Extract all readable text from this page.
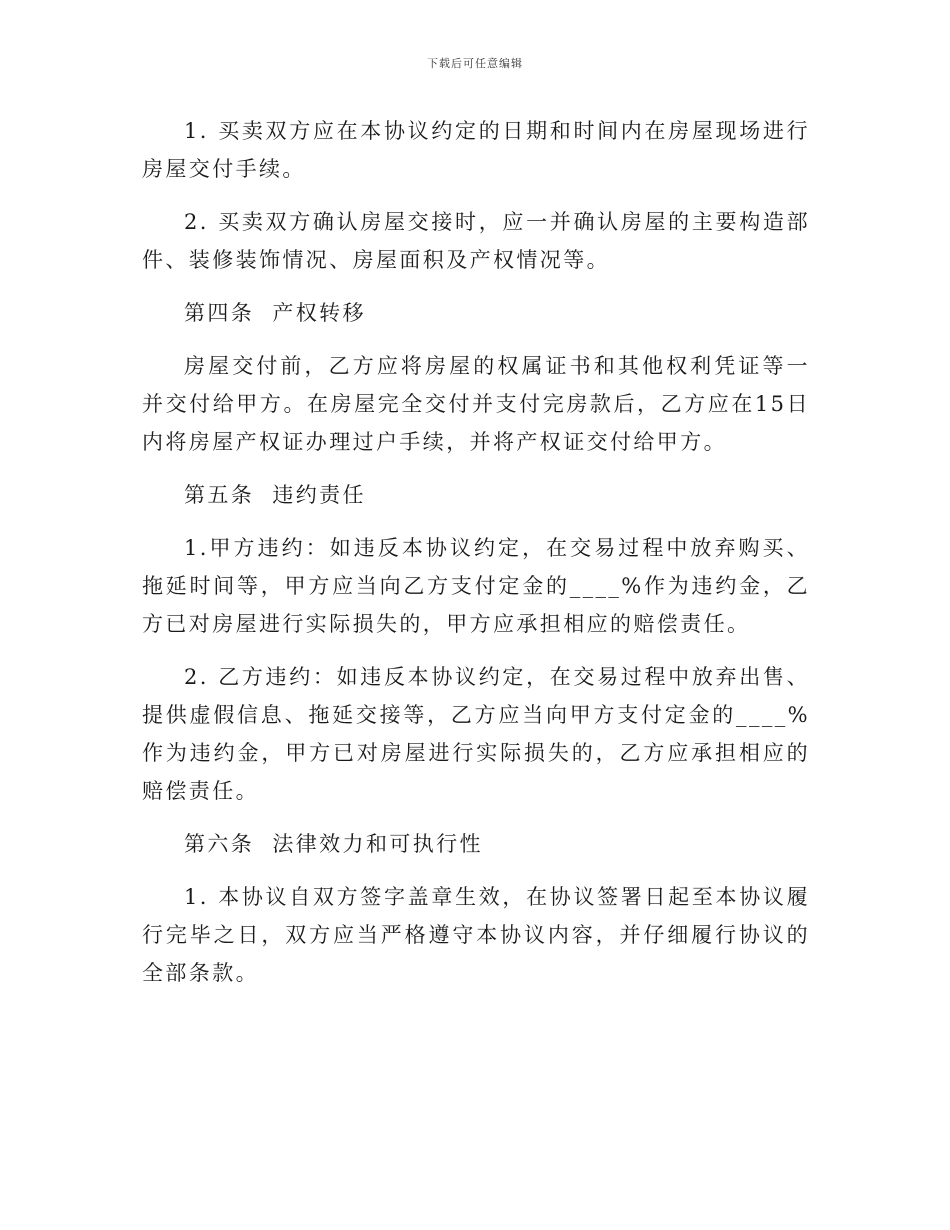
下载后可任意编辑

1. 买卖双方应在本协议约定的日期和时间内在房屋现场进行房屋交付手续。

2. 买卖双方确认房屋交接时，应一并确认房屋的主要构造部件、装修装饰情况、房屋面积及产权情况等。

第四条  产权转移

房屋交付前，乙方应将房屋的权属证书和其他权利凭证等一并交付给甲方。在房屋完全交付并支付完房款后，乙方应在15日内将房屋产权证办理过户手续，并将产权证交付给甲方。

第五条  违约责任

1.甲方违约：如违反本协议约定，在交易过程中放弃购买、拖延时间等，甲方应当向乙方支付定金的____%作为违约金，乙方已对房屋进行实际损失的，甲方应承担相应的赔偿责任。

2. 乙方违约：如违反本协议约定，在交易过程中放弃出售、提供虚假信息、拖延交接等，乙方应当向甲方支付定金的____%作为违约金，甲方已对房屋进行实际损失的，乙方应承担相应的赔偿责任。

第六条  法律效力和可执行性

1. 本协议自双方签字盖章生效，在协议签署日起至本协议履行完毕之日，双方应当严格遵守本协议内容，并仔细履行协议的全部条款。
